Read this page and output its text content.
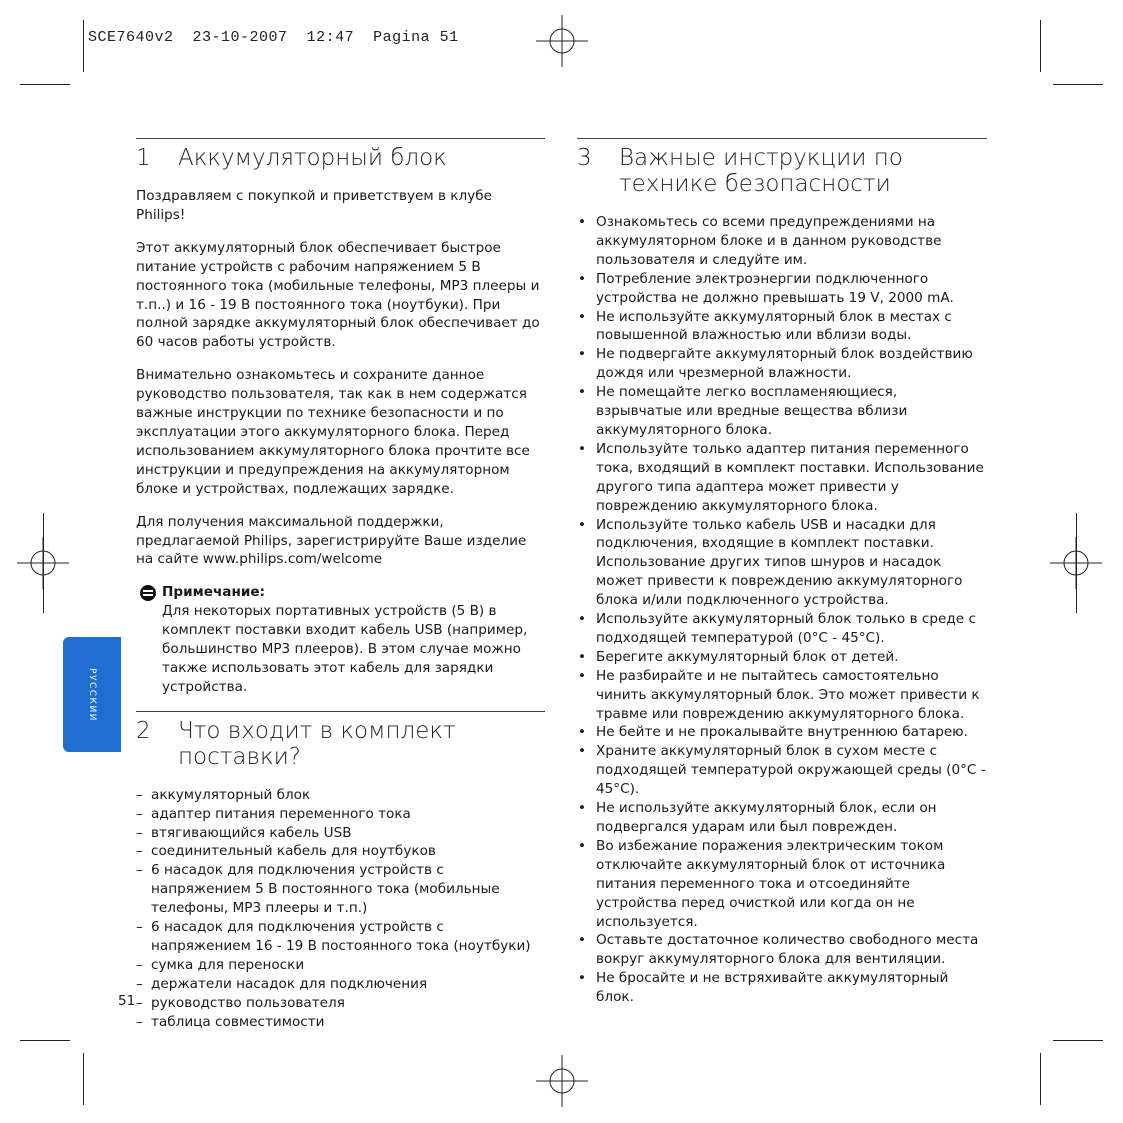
SCE7640v2 23-10-2007 12:47 Pagina 51
РУССКИИ
1	Аккумуляторный блок

Поздравляем с покупкой и приветствуем в клубе Philips!

Этот аккумуляторный блок обеспечивает быстрое питание устройств с рабочим напряжением 5 В постоянного тока (мобильные телефоны, MP3 плееры и т.п..) и 16 - 19 В постоянного тока (ноутбуки). При полной зарядке аккумуляторный блок обеспечивает до 60 часов работы устройств.

Внимательно ознакомьтесь и сохраните данное руководство пользователя, так как в нем содержатся важные инструкции по технике безопасности и по эксплуатации этого аккумуляторного блока. Перед использованием аккумуляторного блока прочтите все инструкции и предупреждения на аккумуляторном блоке и устройствах, подлежащих зарядке.

Для получения максимальной поддержки, предлагаемой Philips, зарегистрируйте Ваше изделие на сайте www.philips.com/welcome

Примечание:
Для некоторых портативных устройств (5 В) в комплект поставки входит кабель USB (например, большинство MP3 плееров). В этом случае можно также использовать этот кабель для зарядки устройства.
2	Что входит в комплект поставки?
– аккумуляторный блок
– адаптер питания переменного тока
– втягивающийся кабель USB
– соединительный кабель для ноутбуков
– 6 насадок для подключения устройств с напряжением 5 В постоянного тока (мобильные телефоны, MP3 плееры и т.п.)
– 6 насадок для подключения устройств с напряжением 16 - 19 В постоянного тока (ноутбуки)
– сумка для переноски
– держатели насадок для подключения
– руководство пользователя
– таблица совместимости
51
3	Важные инструкции по технике безопасности
• Ознакомьтесь со всеми предупреждениями на аккумуляторном блоке и в данном руководстве пользователя и следуйте им.
• Потребление электроэнергии подключенного устройства не должно превышать 19 V, 2000 mA.
• Не используйте аккумуляторный блок в местах с повышенной влажностью или вблизи воды.
• Не подвергайте аккумуляторный блок воздействию дождя или чрезмерной влажности.
• Не помещайте легко воспламеняющиеся, взрывчатые или вредные вещества вблизи аккумуляторного блока.
• Используйте только адаптер питания переменного тока, входящий в комплект поставки. Использование другого типа адаптера может привести у повреждению аккумуляторного блока.
• Используйте только кабель USB и насадки для подключения, входящие в комплект поставки. Использование других типов шнуров и насадок может привести к повреждению аккумуляторного блока и/или подключенного устройства.
• Используйте аккумуляторный блок только в среде с подходящей температурой (0°C - 45°C).
• Берегите аккумуляторный блок от детей.
• Не разбирайте и не пытайтесь самостоятельно чинить аккумуляторный блок. Это может привести к травме или повреждению аккумуляторного блока.
• Не бейте и не прокалывайте внутреннюю батарею.
• Храните аккумуляторный блок в сухом месте с подходящей температурой окружающей среды (0°C - 45°C).
• Не используйте аккумуляторный блок, если он подвергался ударам или был поврежден.
• Во избежание поражения электрическим током отключайте аккумуляторный блок от источника питания переменного тока и отсоединяйте устройства перед очисткой или когда он не используется.
• Оставьте достаточное количество свободного места вокруг аккумуляторного блока для вентиляции.
• Не бросайте и не встряхивайте аккумуляторный блок.
